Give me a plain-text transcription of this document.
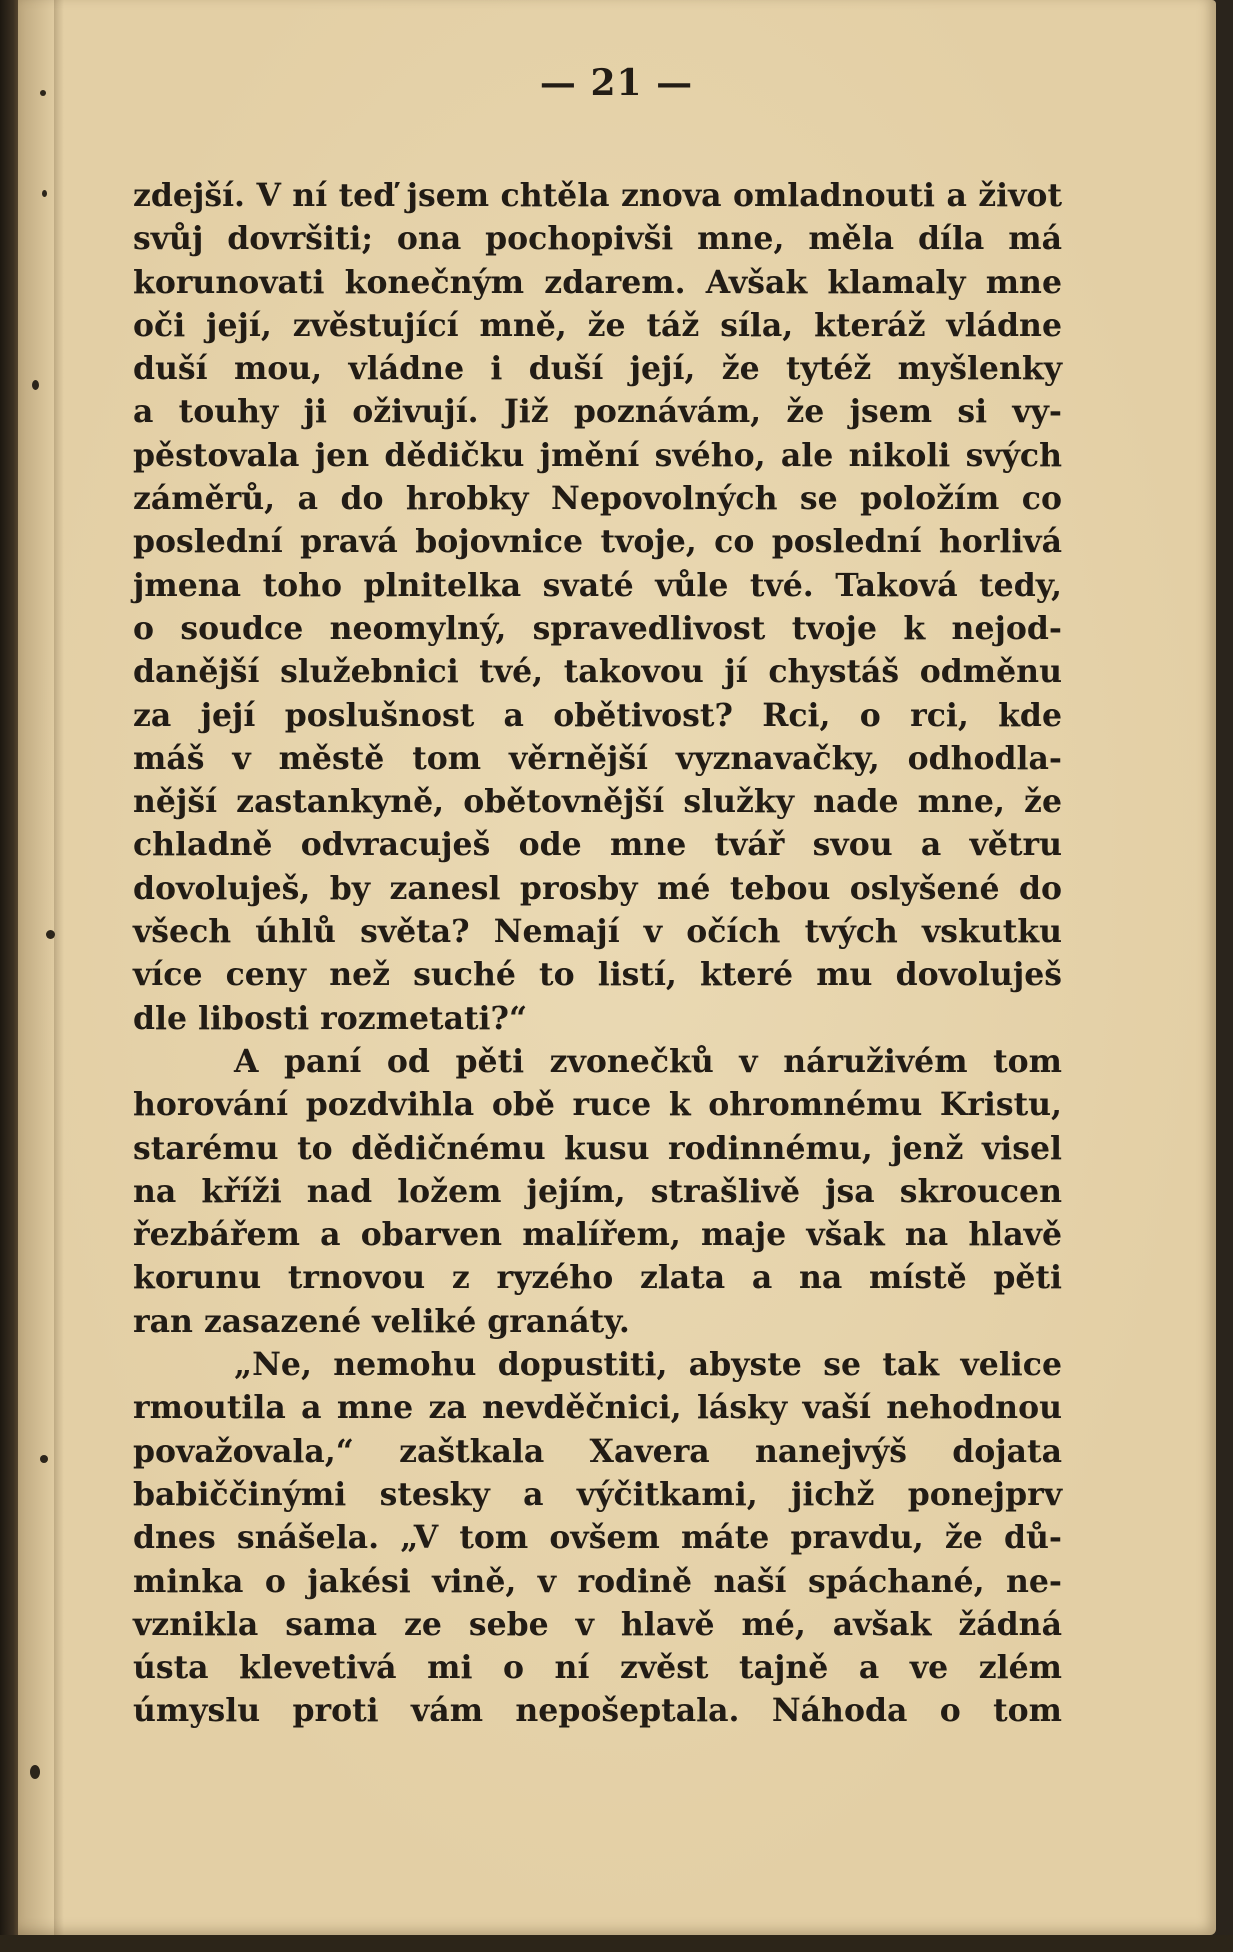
— 21 —
zdejší. V ní teď jsem chtěla znova omladnouti a život
svůj dovršiti; ona pochopivši mne, měla díla má
korunovati konečným zdarem. Avšak klamaly mne
oči její, zvěstující mně, že táž síla, kteráž vládne
duší mou, vládne i duší její, že tytéž myšlenky
a touhy ji oživují. Již poznávám, že jsem si vy-
pěstovala jen dědičku jmění svého, ale nikoli svých
záměrů, a do hrobky Nepovolných se položím co
poslední pravá bojovnice tvoje, co poslední horlivá
jmena toho plnitelka svaté vůle tvé. Taková tedy,
o soudce neomylný, spravedlivost tvoje k nejod-
danější služebnici tvé, takovou jí chystáš odměnu
za její poslušnost a obětivost? Rci, o rci, kde
máš v městě tom věrnější vyznavačky, odhodla-
nější zastankyně, obětovnější služky nade mne, že
chladně odvracuješ ode mne tvář svou a větru
dovoluješ, by zanesl prosby mé tebou oslyšené do
všech úhlů světa? Nemají v očích tvých vskutku
více ceny než suché to listí, které mu dovoluješ
dle libosti rozmetati?“
A paní od pěti zvonečků v náruživém tom
horování pozdvihla obě ruce k ohromnému Kristu,
starému to dědičnému kusu rodinnému, jenž visel
na kříži nad ložem jejím, strašlivě jsa skroucen
řezbářem a obarven malířem, maje však na hlavě
korunu trnovou z ryzého zlata a na místě pěti
ran zasazené veliké granáty.
„Ne, nemohu dopustiti, abyste se tak velice
rmoutila a mne za nevděčnici, lásky vaší nehodnou
považovala,“ zaštkala Xavera nanejvýš dojata
babiččinými stesky a výčitkami, jichž ponejprv
dnes snášela. „V tom ovšem máte pravdu, že dů-
minka o jakési vině, v rodině naší spáchané, ne-
vznikla sama ze sebe v hlavě mé, avšak žádná
ústa klevetivá mi o ní zvěst tajně a ve zlém
úmyslu proti vám nepošeptala. Náhoda o tom
